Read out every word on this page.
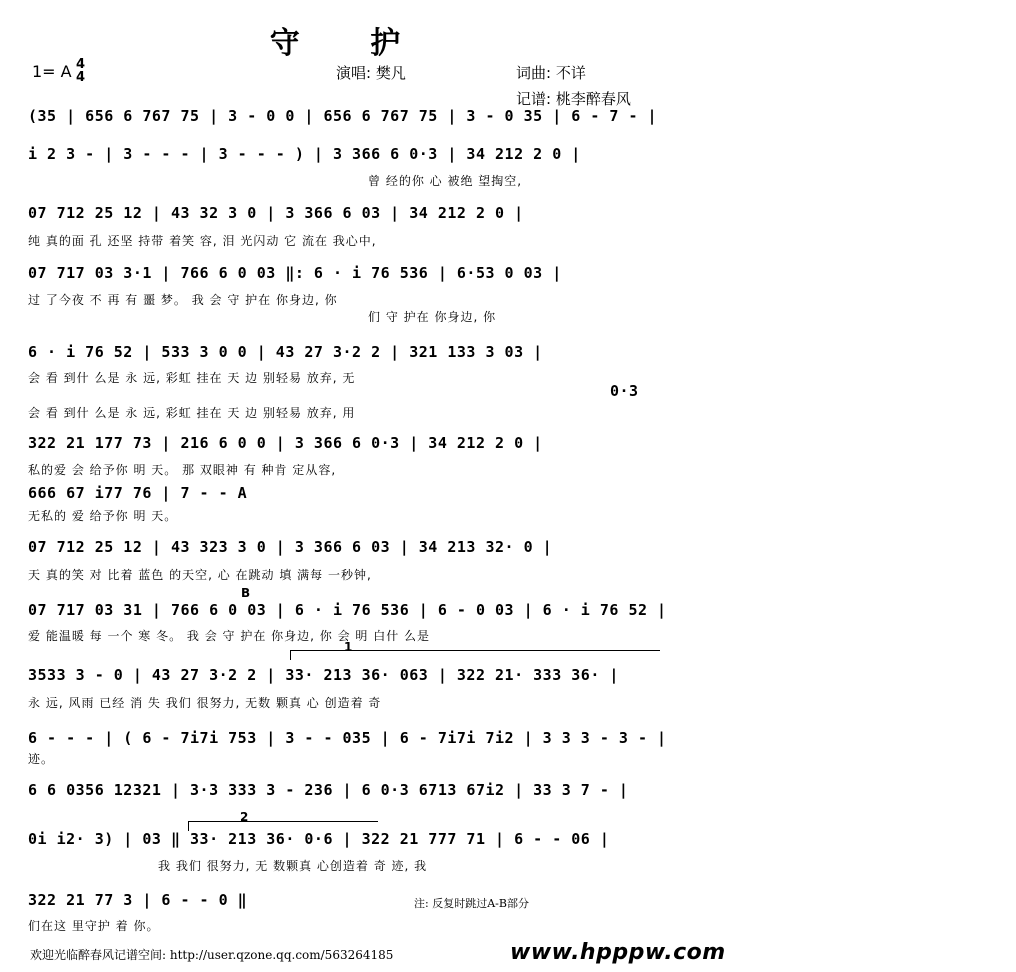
守 护
1= A 4
4	演唱: 樊凡	词曲: 不详
记谱: 桃李醉春风
(35 | 656 6 767 75 | 3 - 0 0 | 656 6 767 75 | 3 - 0 35 | 6 - 7 - |
i 2 3 - | 3 - - - | 3 - - - ) | 3 366 6 0·3 | 34 212 2 0 |
曾 经的你 心 被绝 望掏空,
07 712 25 12 | 43 32 3 0 | 3 366 6 03 | 34 212 2 0 |
纯 真的面 孔 还坚 持带 着笑 容, 泪 光闪动 它 流在 我心中,
07 717 03 3·1 | 766 6 0 03 ‖: 6 · i 76 536 | 6·53 0 03 |
过 了今夜 不 再 有 噩 梦。 我 会 守 护在 你身边, 你
们 守 护在 你身边, 你
6 · i 76 52 | 533 3 0 0 | 43 27 3·2 2 | 321 133 3 03 |
会 看 到什 么是 永 远, 彩虹 挂在 天 边 别轻易 放弃, 无
0·3
会 看 到什 么是 永 远, 彩虹 挂在 天 边 别轻易 放弃, 用
322 21 177 73 | 216 6 0 0 | 3 366 6 0·3 | 34 212 2 0 |
私的爱 会 给予你 明 天。 那 双眼神 有 种肯 定从容,
666 67 i77 76 | 7 - - A
无私的 爱 给予你 明 天。
07 712 25 12 | 43 323 3 0 | 3 366 6 03 | 34 213 32· 0 |
天 真的笑 对 比着 蓝色 的天空, 心 在跳动 填 满每 一秒钟,
B
07 717 03 31 | 766 6 0 03 | 6 · i 76 536 | 6 - 0 03 | 6 · i 76 52 |
爱 能温暖 每 一个 寒 冬。 我 会 守 护在 你身边, 你 会 明 白什 么是
1
3533 3 - 0 | 43 27 3·2 2 | 33· 213 36· 063 | 322 21· 333 36· |
永 远, 风雨 已经 消 失 我们 很努力, 无数 颗真 心 创造着 奇
6 - - - | ( 6 - 7i7i 753 | 3 - - 035 | 6 - 7i7i 7i2 | 3 3 3 - 3 - |
迹。
6 6 0356 12321 | 3·3 333 3 - 236 | 6 0·3 6713 67i2 | 33 3 7 - |
2
0i i2· 3) | 03 ‖ 33· 213 36· 0·6 | 322 21 777 71 | 6 - - 06 |
我 我们 很努力, 无 数颗真 心创造着 奇 迹, 我
322 21 77 3 | 6 - - 0 ‖
们在这 里守护 着 你。
注: 反复时跳过A-B部分
欢迎光临醉春风记谱空间: http://user.qzone.qq.com/563264185	www.hpppw.com
